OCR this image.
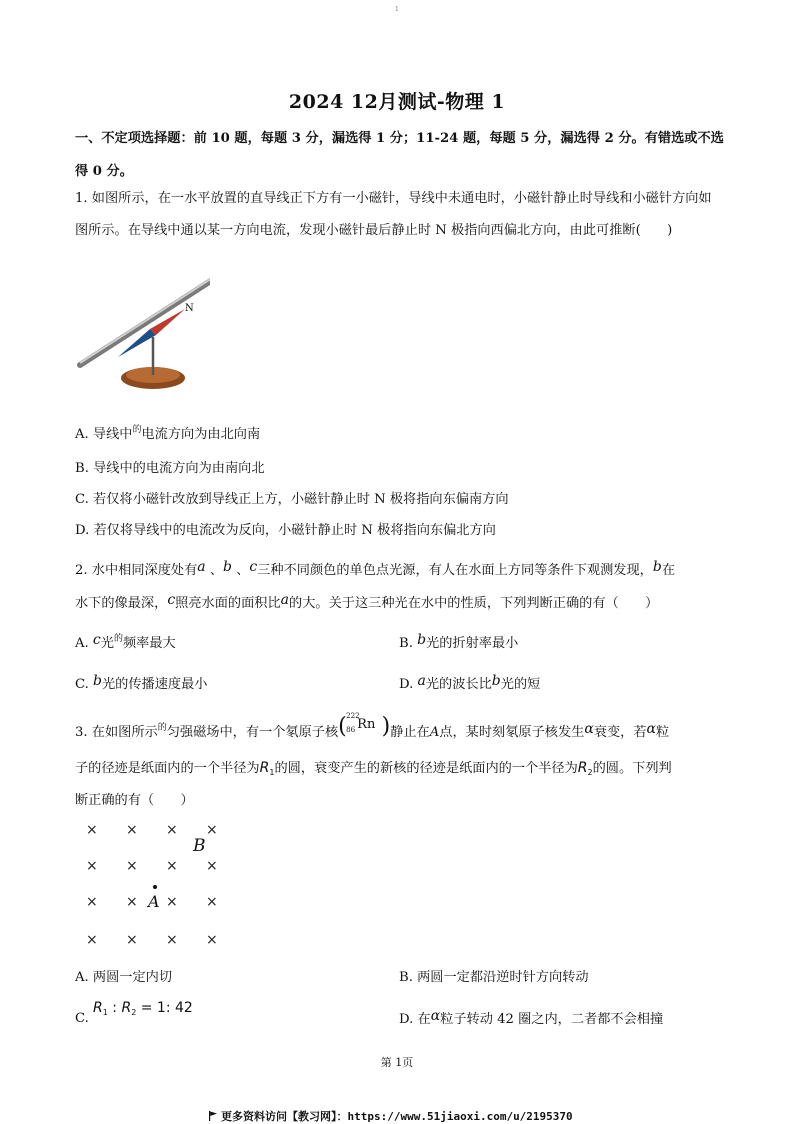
1
2024 12月测试-物理 1
一、不定项选择题：前 10 题，每题 3 分，漏选得 1 分；11-24 题，每题 5 分，漏选得 2 分。有错选或不选得 0 分。
1. 如图所示，在一水平放置的直导线正下方有一小磁针，导线中未通电时，小磁针静止时导线和小磁针方向如图所示。在导线中通以某一方向电流，发现小磁针最后静止时 N 极指向西偏北方向，由此可推断(　　)
N
A. 导线中$^的$电流方向为由北向南
B. 导线中的电流方向为由南向北
C. 若仅将小磁针改放到导线正上方，小磁针静止时 N 极将指向东偏南方向
D. 若仅将导线中的电流改为反向，小磁针静止时 N 极将指向东偏北方向
2. 水中相同深度处有a 、b 、c三种不同颜色的单色点光源，有人在水面上方同等条件下观测发现，b在
水下的像最深，c照亮水面的面积比a的大。关于这三种光在水中的性质，下列判断正确的有（　　）
A. c光$^的$频率最大	B. b光的折射率最小
C. b光的传播速度最小	D. a光的波长比b光的短
3. 在如图所示$^的$匀强磁场中，有一个氡原子核 ( 222
86 Rn ) 静止在A点，某时刻氡原子核发生α衰变，若α粒
子的径迹是纸面内的一个半径为$R_1$的圆，衰变产生的新核的径迹是纸面内的一个半径为$R_2$的圆。下列判
断正确的有（　　）
× × × ×
× × × ×
× × × ×
× × × ×
B
A
A. 两圆一定内切	B. 两圆一定都沿逆时针方向转动
C. $R_1$ : $R_2 = 1$: 42
D. 在α粒子转动 42 圈之内，二者都不会相撞
第 1页
更多资料访问【教习网】：https://www.51jiaoxi.com/u/2195370
